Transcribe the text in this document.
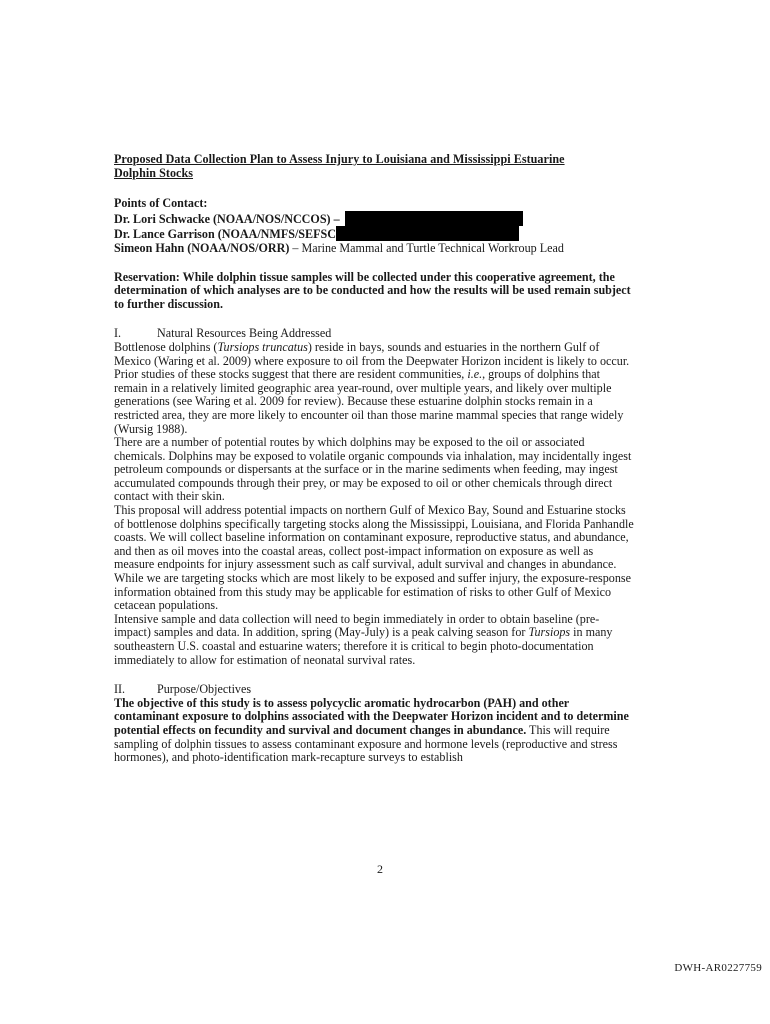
Proposed Data Collection Plan to Assess Injury to Louisiana and Mississippi Estuarine
Dolphin Stocks
Points of Contact:
Dr. Lori Schwacke (NOAA/NOS/NCCOS) –
Dr. Lance Garrison (NOAA/NMFS/SEFSC
Simeon Hahn (NOAA/NOS/ORR) – Marine Mammal and Turtle Technical Workroup Lead
Reservation: While dolphin tissue samples will be collected under this cooperative agreement, the determination of which analyses are to be conducted and how the results will be used remain subject to further discussion.
I.	Natural Resources Being Addressed

Bottlenose dolphins (Tursiops truncatus) reside in bays, sounds and estuaries in the northern Gulf of Mexico (Waring et al. 2009) where exposure to oil from the Deepwater Horizon incident is likely to occur. Prior studies of these stocks suggest that there are resident communities, i.e., groups of dolphins that remain in a relatively limited geographic area year-round, over multiple years, and likely over multiple generations (see Waring et al. 2009 for review). Because these estuarine dolphin stocks remain in a restricted area, they are more likely to encounter oil than those marine mammal species that range widely (Wursig 1988).

There are a number of potential routes by which dolphins may be exposed to the oil or associated chemicals. Dolphins may be exposed to volatile organic compounds via inhalation, may incidentally ingest petroleum compounds or dispersants at the surface or in the marine sediments when feeding, may ingest accumulated compounds through their prey, or may be exposed to oil or other chemicals through direct contact with their skin.

This proposal will address potential impacts on northern Gulf of Mexico Bay, Sound and Estuarine stocks of bottlenose dolphins specifically targeting stocks along the Mississippi, Louisiana, and Florida Panhandle coasts. We will collect baseline information on contaminant exposure, reproductive status, and abundance, and then as oil moves into the coastal areas, collect post-impact information on exposure as well as measure endpoints for injury assessment such as calf survival, adult survival and changes in abundance. While we are targeting stocks which are most likely to be exposed and suffer injury, the exposure-response information obtained from this study may be applicable for estimation of risks to other Gulf of Mexico cetacean populations.

Intensive sample and data collection will need to begin immediately in order to obtain baseline (pre-impact) samples and data. In addition, spring (May-July) is a peak calving season for Tursiops in many southeastern U.S. coastal and estuarine waters; therefore it is critical to begin photo-documentation immediately to allow for estimation of neonatal survival rates.

II.	Purpose/Objectives

The objective of this study is to assess polycyclic aromatic hydrocarbon (PAH) and other contaminant exposure to dolphins associated with the Deepwater Horizon incident and to determine potential effects on fecundity and survival and document changes in abundance. This will require sampling of dolphin tissues to assess contaminant exposure and hormone levels (reproductive and stress hormones), and photo-identification mark-recapture surveys to establish

2
DWH-AR0227759
